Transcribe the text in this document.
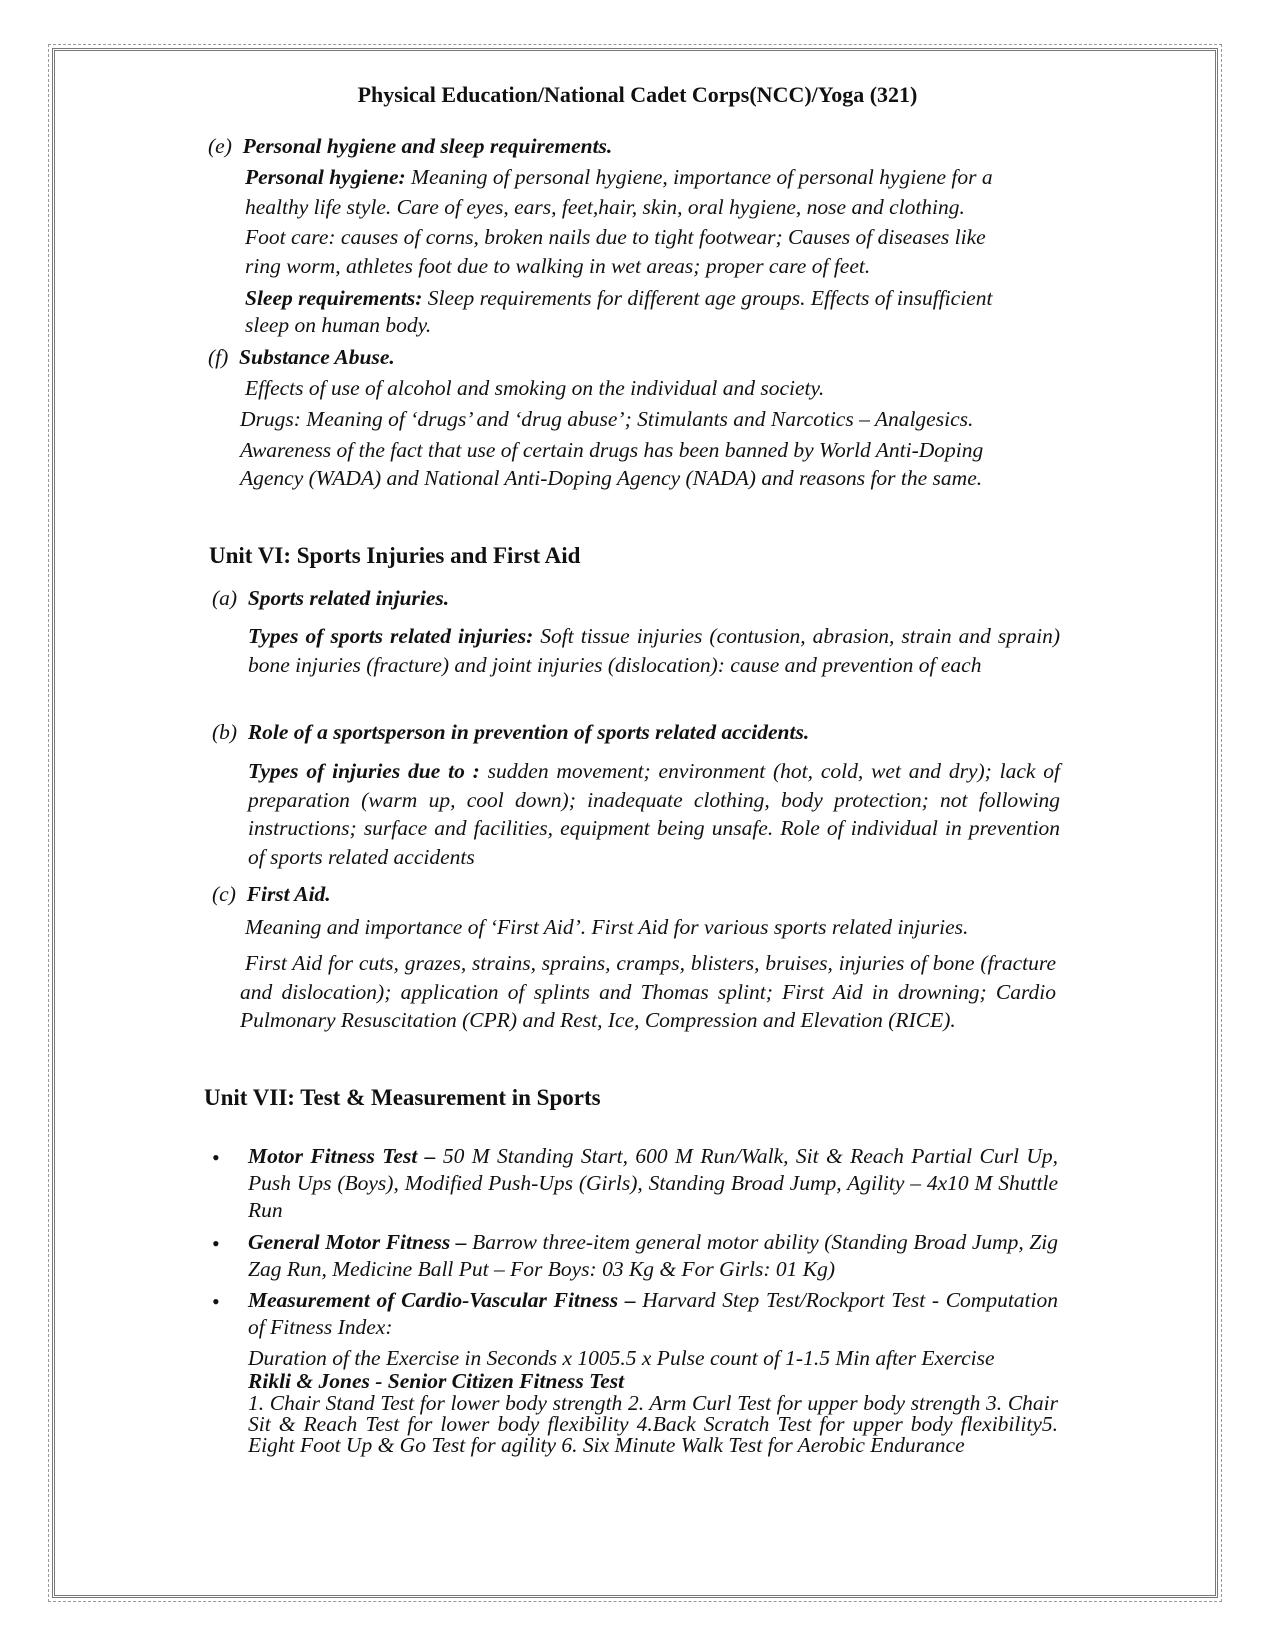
Physical Education/National Cadet Corps(NCC)/Yoga (321)
(e) Personal hygiene and sleep requirements.
Personal hygiene: Meaning of personal hygiene, importance of personal hygiene for a
healthy life style. Care of eyes, ears, feet,hair, skin, oral hygiene, nose and clothing.
Foot care: causes of corns, broken nails due to tight footwear; Causes of diseases like
ring worm, athletes foot due to walking in wet areas; proper care of feet.
Sleep requirements: Sleep requirements for different age groups. Effects of insufficient
sleep on human body.
(f) Substance Abuse.
Effects of use of alcohol and smoking on the individual and society.
Drugs: Meaning of ‘drugs’ and ‘drug abuse’; Stimulants and Narcotics – Analgesics.
Awareness of the fact that use of certain drugs has been banned by World Anti-Doping
Agency (WADA) and National Anti-Doping Agency (NADA) and reasons for the same.
Unit VI: Sports Injuries and First Aid
(a) Sports related injuries.
Types of sports related injuries: Soft tissue injuries (contusion, abrasion, strain and sprain) bone injuries (fracture) and joint injuries (dislocation): cause and prevention of each
(b) Role of a sportsperson in prevention of sports related accidents.
Types of injuries due to : sudden movement; environment (hot, cold, wet and dry); lack of preparation (warm up, cool down); inadequate clothing, body protection; not following instructions; surface and facilities, equipment being unsafe. Role of individual in prevention of sports related accidents
(c) First Aid.
Meaning and importance of ‘First Aid’. First Aid for various sports related injuries.
First Aid for cuts, grazes, strains, sprains, cramps, blisters, bruises, injuries of bone (fracture and dislocation); application of splints and Thomas splint; First Aid in drowning; Cardio Pulmonary Resuscitation (CPR) and Rest, Ice, Compression and Elevation (RICE).
Unit VII: Test & Measurement in Sports
• Motor Fitness Test – 50 M Standing Start, 600 M Run/Walk, Sit & Reach Partial Curl Up, Push Ups (Boys), Modified Push-Ups (Girls), Standing Broad Jump, Agility – 4x10 M Shuttle Run
• General Motor Fitness – Barrow three-item general motor ability (Standing Broad Jump, Zig Zag Run, Medicine Ball Put – For Boys: 03 Kg & For Girls: 01 Kg)
• Measurement of Cardio-Vascular Fitness – Harvard Step Test/Rockport Test - Computation of Fitness Index:
Duration of the Exercise in Seconds x 1005.5 x Pulse count of 1-1.5 Min after Exercise
Rikli & Jones - Senior Citizen Fitness Test
1. Chair Stand Test for lower body strength 2. Arm Curl Test for upper body strength 3. Chair Sit & Reach Test for lower body flexibility 4.Back Scratch Test for upper body flexibility5. Eight Foot Up & Go Test for agility 6. Six Minute Walk Test for Aerobic Endurance
